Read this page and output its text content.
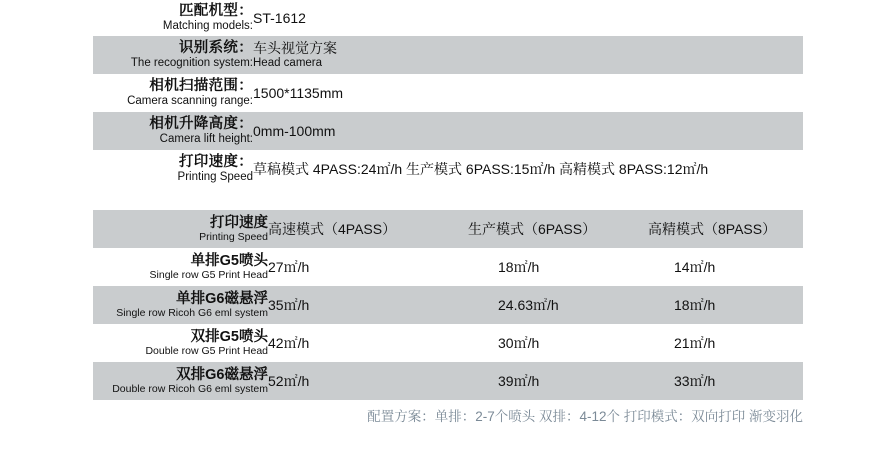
匹配机型：
Matching models:	ST-1612

识别系统：
The recognition system:	车头视觉方案
Head camera

相机扫描范围：
Camera scanning range:	1500*1135mm

相机升降高度：
Camera lift height:	0mm-100mm

打印速度：
Printing Speed	草稿模式 4PASS:24㎡/h 生产模式 6PASS:15㎡/h 高精模式 8PASS:12㎡/h
打印速度
Printing Speed	高速模式（4PASS）	生产模式（6PASS）	高精模式（8PASS）

单排G5喷头
Single row G5 Print Head	27㎡/h	18㎡/h	14㎡/h

单排G6磁悬浮
Single row Ricoh G6 eml system	35㎡/h	24.63㎡/h	18㎡/h

双排G5喷头
Double row G5 Print Head	42㎡/h	30㎡/h	21㎡/h

双排G6磁悬浮
Double row Ricoh G6 eml system	52㎡/h	39㎡/h	33㎡/h
配置方案：单排：2-7个喷头 双排：4-12个 打印模式：双向打印 渐变羽化
